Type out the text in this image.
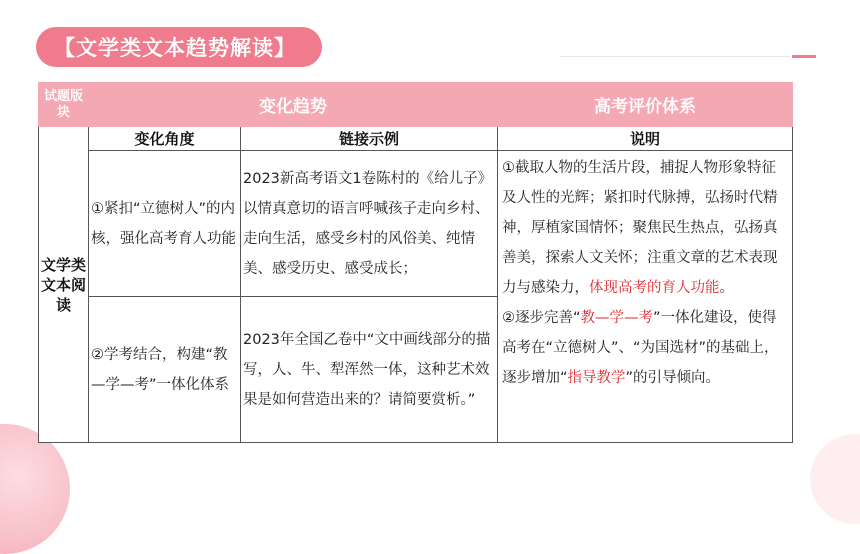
【文学类文本趋势解读】
试题版块	变化趋势		高考评价体系
文学类文本阅读	变化角度	链接示例	说明
	①紧扣“立德树人”的内核，强化高考育人功能	2023新高考语文1卷陈村的《给儿子》以情真意切的语言呼喊孩子走向乡村、走向生活，感受乡村的风俗美、纯情美、感受历史、感受成长；	①截取人物的生活片段，捕捉人物形象特征及人性的光辉；紧扣时代脉搏，弘扬时代精神，厚植家国情怀；聚焦民生热点，弘扬真善美，探索人文关怀；注重文章的艺术表现力与感染力，体现高考的育人功能。
②逐步完善“教—学—考”一体化建设，使得高考在“立德树人”、“为国选材”的基础上，逐步增加“指导教学”的引导倾向。
	②学考结合，构建“教—学—考”一体化体系	2023年全国乙卷中“文中画线部分的描写，人、牛、犁浑然一体，这种艺术效果是如何营造出来的？请简要赏析。”	
